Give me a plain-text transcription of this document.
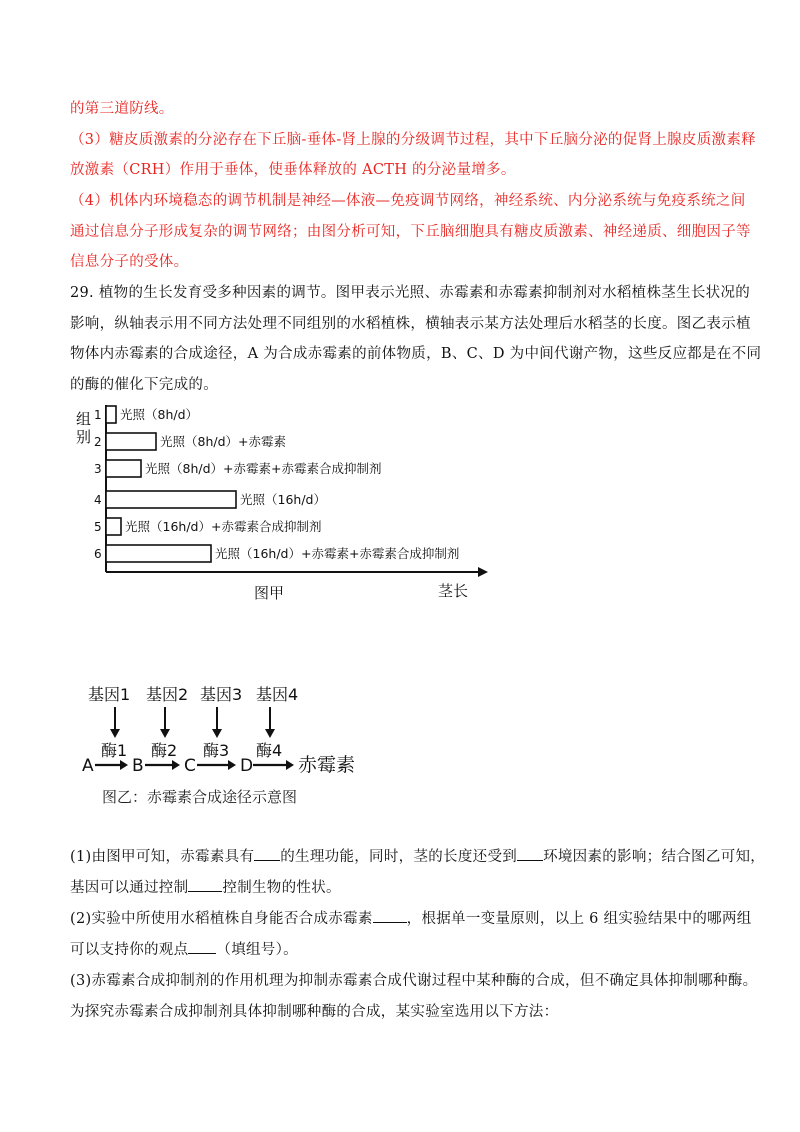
的第三道防线。
（3）糖皮质激素的分泌存在下丘脑-垂体-肾上腺的分级调节过程，其中下丘脑分泌的促肾上腺皮质激素释
放激素（CRH）作用于垂体，使垂体释放的 ACTH 的分泌量增多。
（4）机体内环境稳态的调节机制是神经—体液—免疫调节网络，神经系统、内分泌系统与免疫系统之间
通过信息分子形成复杂的调节网络；由图分析可知，下丘脑细胞具有糖皮质激素、神经递质、细胞因子等
信息分子的受体。
29. 植物的生长发育受多种因素的调节。图甲表示光照、赤霉素和赤霉素抑制剂对水稻植株茎生长状况的
影响，纵轴表示用不同方法处理不同组别的水稻植株，横轴表示某方法处理后水稻茎的长度。图乙表示植
物体内赤霉素的合成途径，A 为合成赤霉素的前体物质，B、C、D 为中间代谢产物，这些反应都是在不同
的酶的催化下完成的。
组
别
1 光照（8h/d）
2	光照（8h/d）+赤霉素
3	光照（8h/d）+赤霉素+赤霉素合成抑制剂
4	光照（16h/d）
5 光照（16h/d）+赤霉素合成抑制剂
6	光照（16h/d）+赤霉素+赤霉素合成抑制剂
茎长
图甲
基因1 基因2 基因3 基因4
酶1 酶2 酶3 酶4
A B C	D 赤霉素
图乙：赤霉素合成途径示意图
(1)由图甲可知，赤霉素具有 的生理功能，同时，茎的长度还受到 环境因素的影响；结合图乙可知，
基因可以通过控制 控制生物的性状。
(2)实验中所使用水稻植株自身能否合成赤霉素 ，根据单一变量原则，以上 6 组实验结果中的哪两组
可以支持你的观点 （填组号）。
(3)赤霉素合成抑制剂的作用机理为抑制赤霉素合成代谢过程中某种酶的合成，但不确定具体抑制哪种酶。
为探究赤霉素合成抑制剂具体抑制哪种酶的合成，某实验室选用以下方法：
